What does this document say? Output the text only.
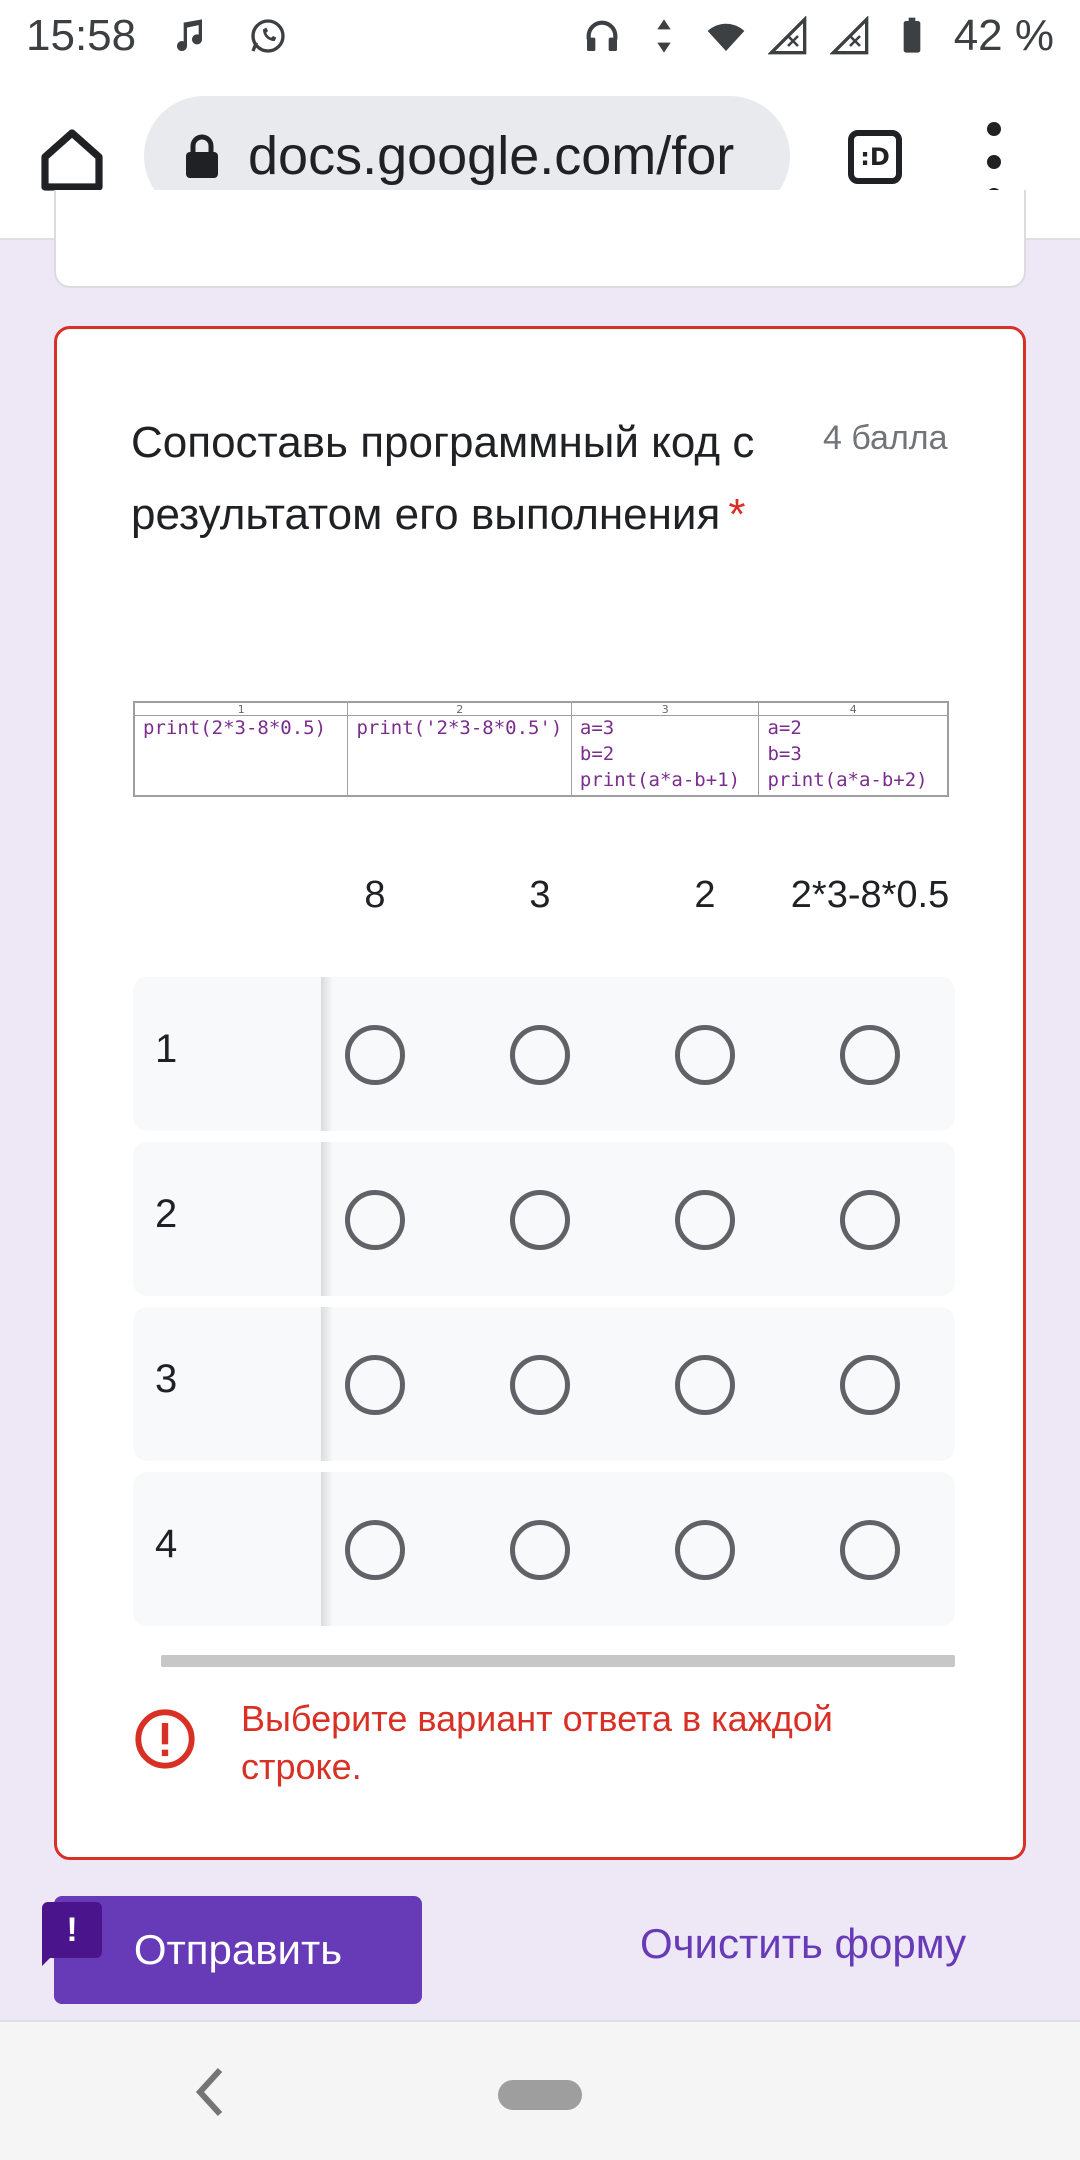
15:58	42 %
docs.google.com/for	:D
Сопоставь программный код с результатом его выполнения *
4 балла
1
print(2*3-8*0.5)
2
print('2*3-8*0.5')
3
a=3
b=2
print(a*a-b+1)
4
a=2
b=3
print(a*a-b+2)
8	3	2	2*3-8*0.5
1
2
3
4
Выберите вариант ответа в каждой строке.
Отправить
!	Очистить форму
